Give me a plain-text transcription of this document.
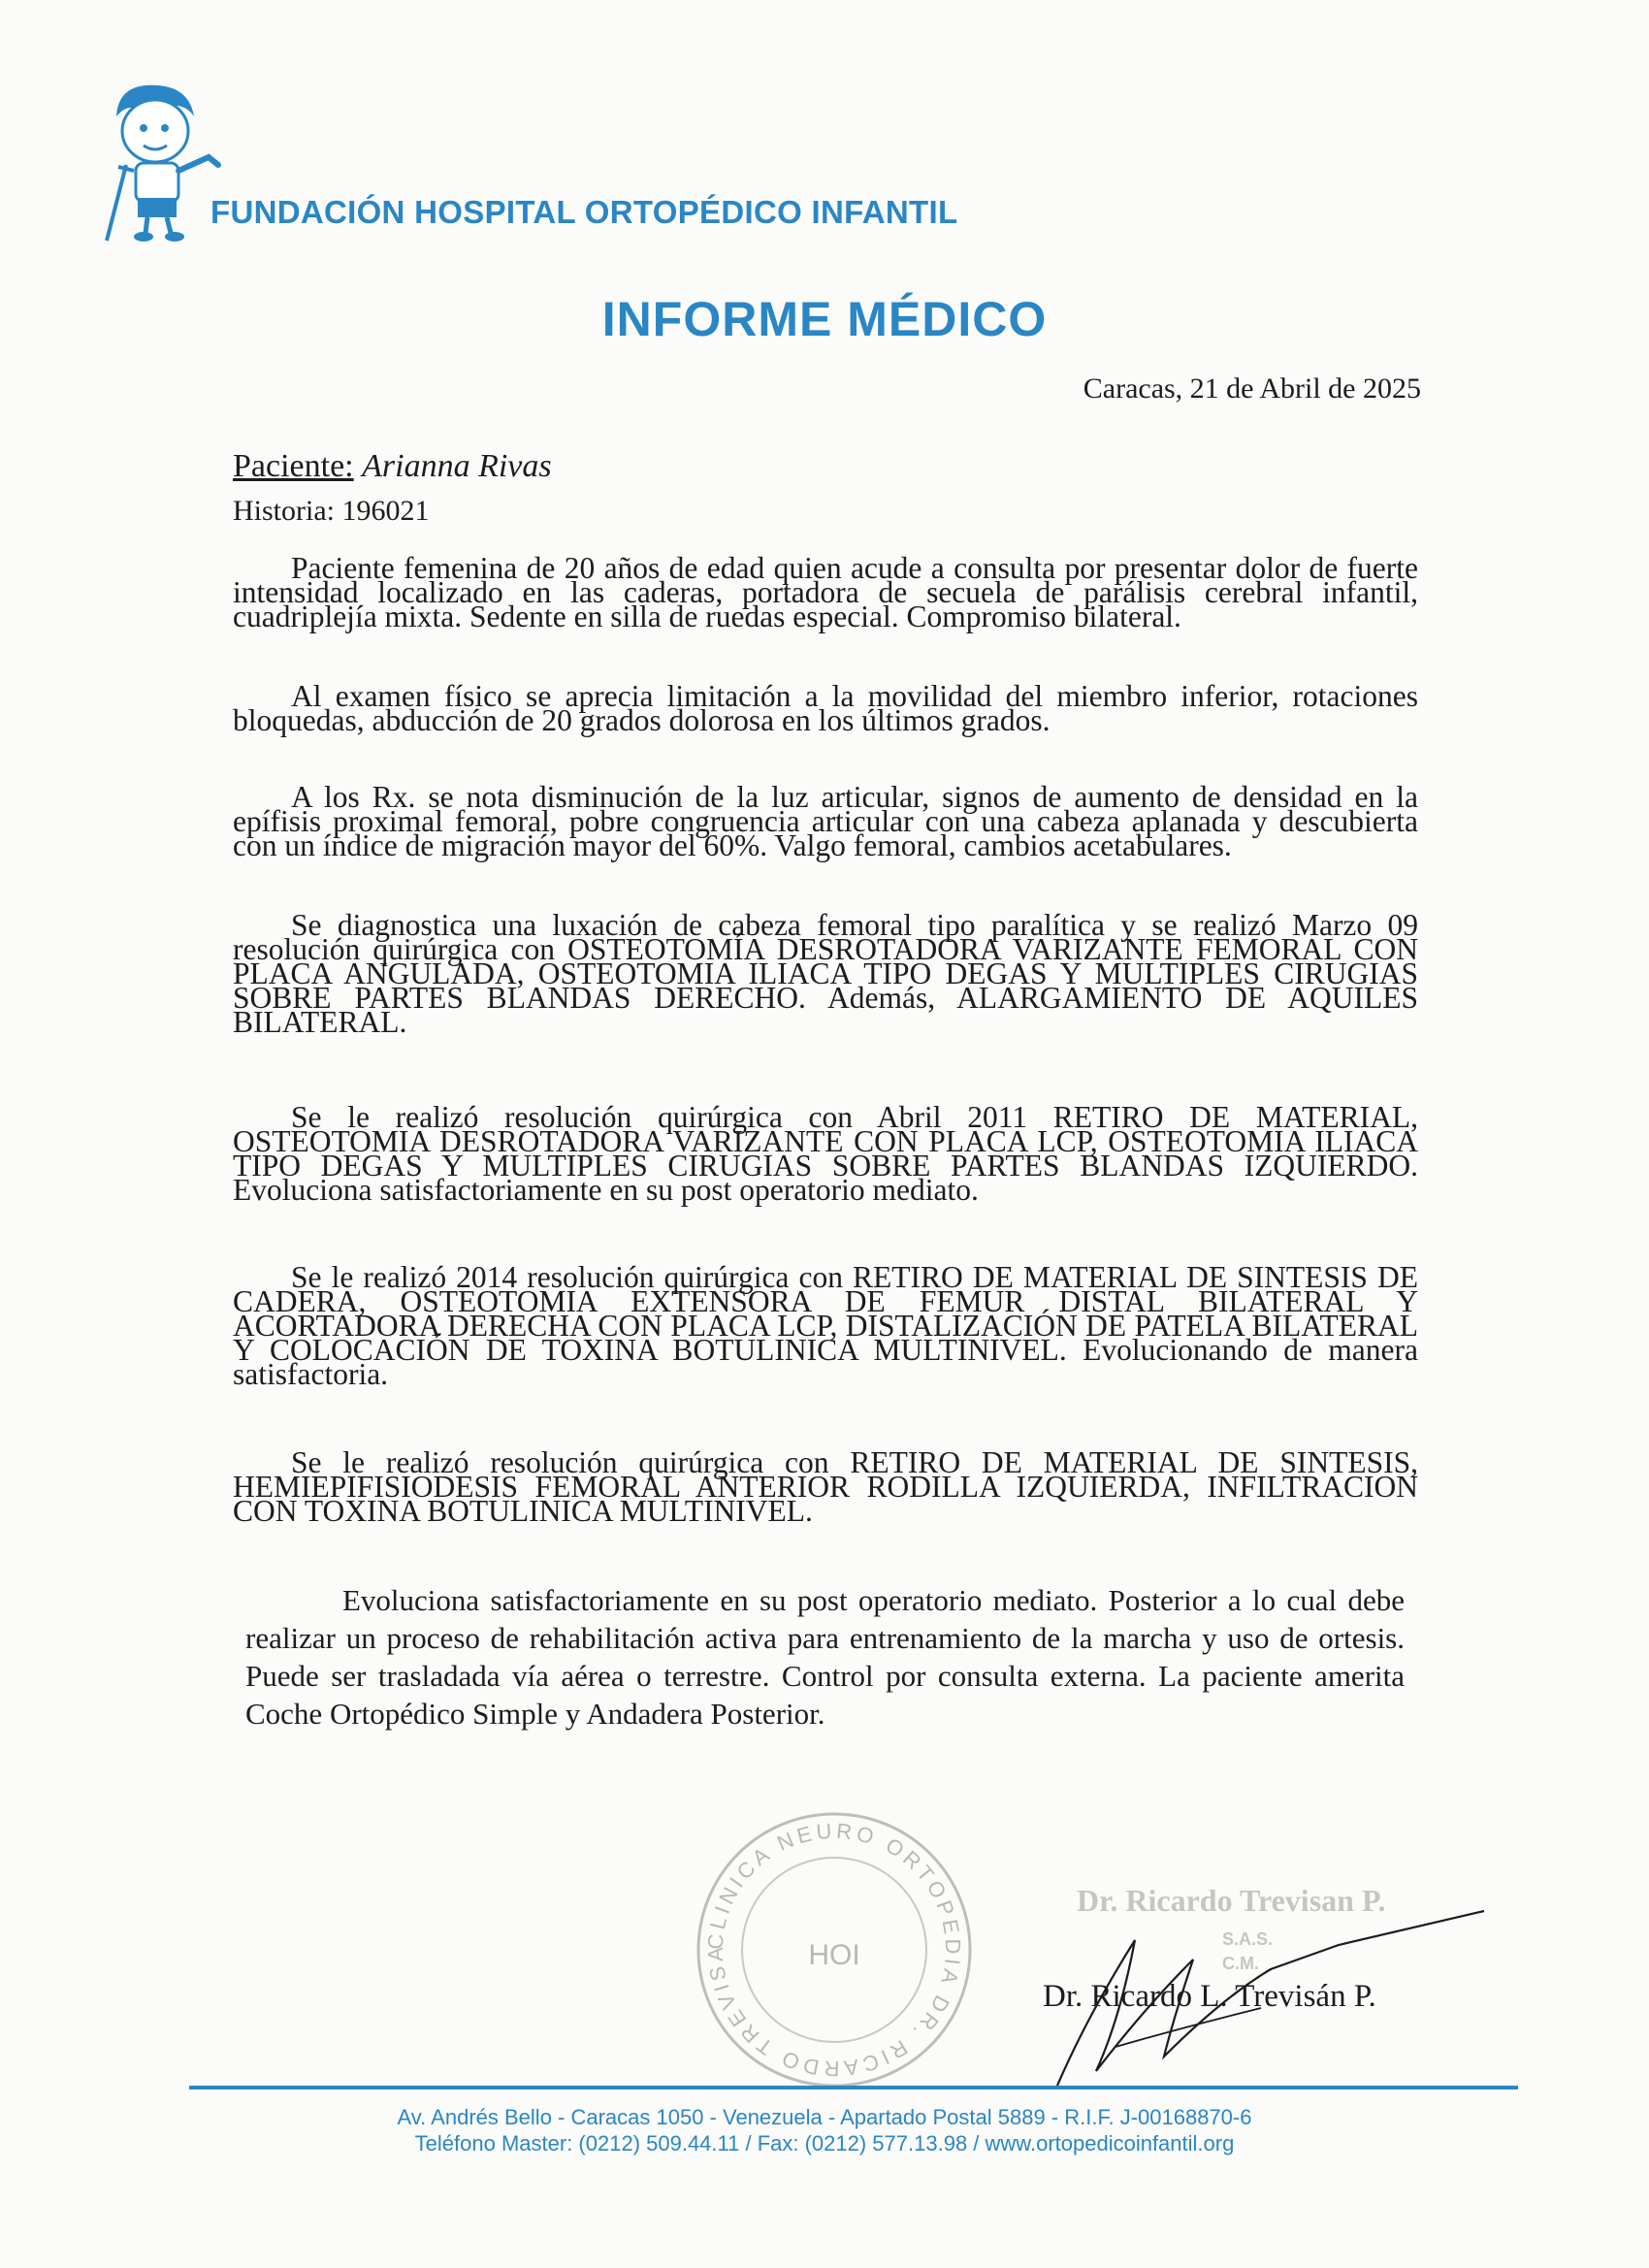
FUNDACIÓN HOSPITAL ORTOPÉDICO INFANTIL
INFORME MÉDICO
Caracas, 21 de Abril de 2025
Paciente: Arianna Rivas
Historia: 196021

Paciente femenina de 20 años de edad quien acude a consulta por presentar dolor de fuerte intensidad localizado en las caderas, portadora de secuela de parálisis cerebral infantil, cuadriplejía mixta. Sedente en silla de ruedas especial. Compromiso bilateral.

Al examen físico se aprecia limitación a la movilidad del miembro inferior, rotaciones bloquedas, abducción de 20 grados dolorosa en los últimos grados.

A los Rx. se nota disminución de la luz articular, signos de aumento de densidad en la epífisis proximal femoral, pobre congruencia articular con una cabeza aplanada y descubierta con un índice de migración mayor del 60%. Valgo femoral, cambios acetabulares.

Se diagnostica una luxación de cabeza femoral tipo paralítica y se realizó Marzo 09 resolución quirúrgica con OSTEOTOMÍA DESROTADORA VARIZANTE FEMORAL CON PLACA ANGULADA, OSTEOTOMIA ILIACA TIPO DEGAS Y MULTIPLES CIRUGIAS SOBRE PARTES BLANDAS DERECHO. Además, ALARGAMIENTO DE AQUILES BILATERAL.

Se le realizó resolución quirúrgica con Abril 2011 RETIRO DE MATERIAL, OSTEOTOMIA DESROTADORA VARIZANTE CON PLACA LCP, OSTEOTOMIA ILIACA TIPO DEGAS Y MULTIPLES CIRUGIAS SOBRE PARTES BLANDAS IZQUIERDO. Evoluciona satisfactoriamente en su post operatorio mediato.

Se le realizó 2014 resolución quirúrgica con RETIRO DE MATERIAL DE SINTESIS DE CADERA, OSTEOTOMIA EXTENSORA DE FEMUR DISTAL BILATERAL Y ACORTADORA DERECHA CON PLACA LCP, DISTALIZACIÓN DE PATELA BILATERAL Y COLOCACIÓN DE TOXINA BOTULINICA MULTINIVEL. Evolucionando de manera satisfactoria.

Se le realizó resolución quirúrgica con RETIRO DE MATERIAL DE SINTESIS, HEMIEPIFISIODESIS FEMORAL ANTERIOR RODILLA IZQUIERDA, INFILTRACION CON TOXINA BOTULINICA MULTINIVEL.

Evoluciona satisfactoriamente en su post operatorio mediato. Posterior a lo cual debe realizar un proceso de rehabilitación activa para entrenamiento de la marcha y uso de ortesis. Puede ser trasladada vía aérea o terrestre. Control por consulta externa. La paciente amerita Coche Ortopédico Simple y Andadera Posterior.

CLINICA NEURO ORTOPEDIA DR. RICARDO TREVISA	HOI
Dr. Ricardo Trevisan P.
S.A.S.
C.M.
Dr. Ricardo L. Trevisán P.
Av. Andrés Bello - Caracas 1050 - Venezuela - Apartado Postal 5889 - R.I.F. J-00168870-6
Teléfono Master: (0212) 509.44.11 / Fax: (0212) 577.13.98 / www.ortopedicoinfantil.org
